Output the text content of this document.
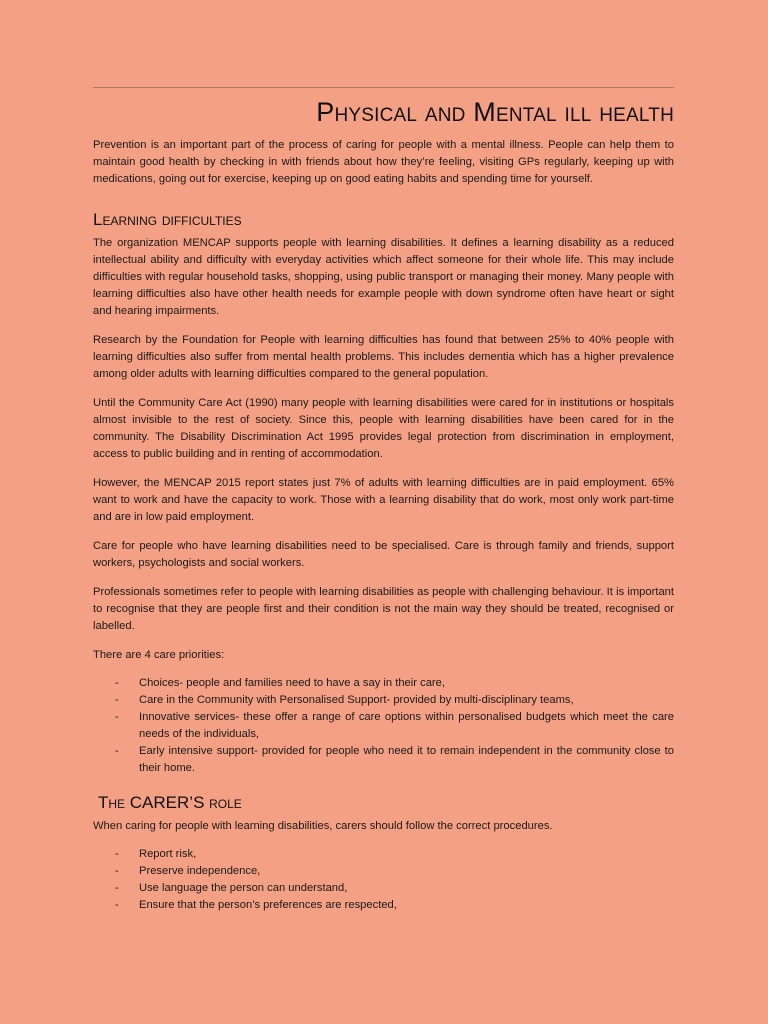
Physical and Mental ill health

Prevention is an important part of the process of caring for people with a mental illness. People can help them to maintain good health by checking in with friends about how they’re feeling, visiting GPs regularly, keeping up with medications, going out for exercise, keeping up on good eating habits and spending time for yourself.

Learning difficulties

The organization MENCAP supports people with learning disabilities. It defines a learning disability as a reduced intellectual ability and difficulty with everyday activities which affect someone for their whole life. This may include difficulties with regular household tasks, shopping, using public transport or managing their money. Many people with learning difficulties also have other health needs for example people with down syndrome often have heart or sight and hearing impairments.

Research by the Foundation for People with learning difficulties has found that between 25% to 40% people with learning difficulties also suffer from mental health problems. This includes dementia which has a higher prevalence among older adults with learning difficulties compared to the general population.

Until the Community Care Act (1990) many people with learning disabilities were cared for in institutions or hospitals almost invisible to the rest of society. Since this, people with learning disabilities have been cared for in the community. The Disability Discrimination Act 1995 provides legal protection from discrimination in employment, access to public building and in renting of accommodation.

However, the MENCAP 2015 report states just 7% of adults with learning difficulties are in paid employment. 65% want to work and have the capacity to work. Those with a learning disability that do work, most only work part-time and are in low paid employment.

Care for people who have learning disabilities need to be specialised. Care is through family and friends, support workers, psychologists and social workers.

Professionals sometimes refer to people with learning disabilities as people with challenging behaviour. It is important to recognise that they are people first and their condition is not the main way they should be treated, recognised or labelled.

There are 4 care priorities:

- Choices- people and families need to have a say in their care,
- Care in the Community with Personalised Support- provided by multi-disciplinary teams,
- Innovative services- these offer a range of care options within personalised budgets which meet the care needs of the individuals,
- Early intensive support- provided for people who need it to remain independent in the community close to their home.
The CARER’S role

When caring for people with learning disabilities, carers should follow the correct procedures.

- Report risk,
- Preserve independence,
- Use language the person can understand,
- Ensure that the person’s preferences are respected,
